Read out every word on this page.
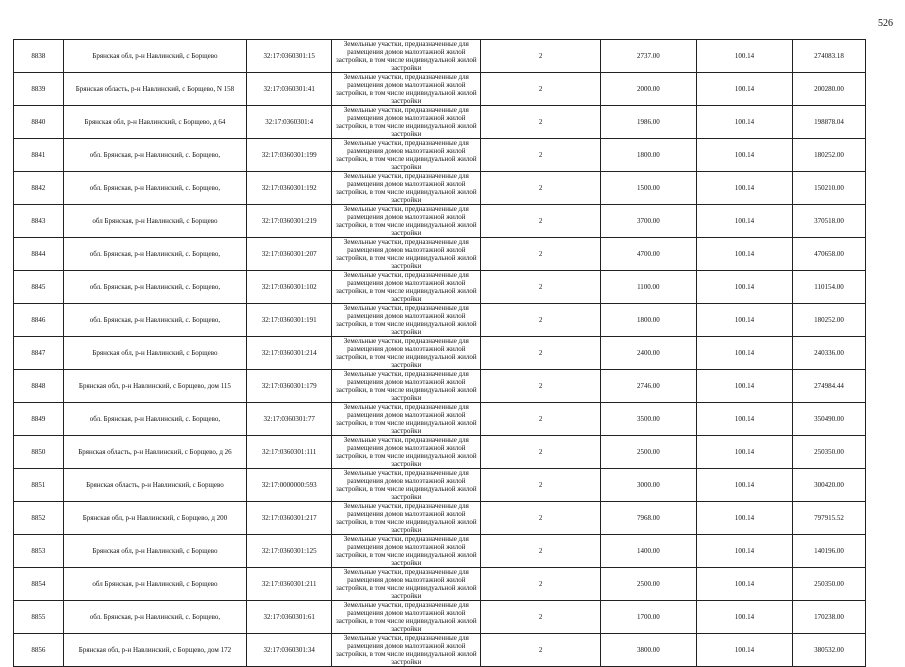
526
8838	Брянская обл, р-н Навлинский, с Борщево	32:17:0360301:15	Земельные участки, предназначенные для размещения домов малоэтажной жилой застройки, в том числе индивидуальной жилой застройки	2	2737.00	100.14	274083.18
8839	Брянская область, р-н Навлинский, с Борщево, N 158	32:17:0360301:41	Земельные участки, предназначенные для размещения домов малоэтажной жилой застройки, в том числе индивидуальной жилой застройки	2	2000.00	100.14	200280.00
8840	Брянская обл, р-н Навлинский, с Борщево, д 64	32:17:0360301:4	Земельные участки, предназначенные для размещения домов малоэтажной жилой застройки, в том числе индивидуальной жилой застройки	2	1986.00	100.14	198878.04
8841	обл. Брянская, р-н Навлинский, с. Борщево,	32:17:0360301:199	Земельные участки, предназначенные для размещения домов малоэтажной жилой застройки, в том числе индивидуальной жилой застройки	2	1800.00	100.14	180252.00
8842	обл. Брянская, р-н Навлинский, с. Борщево,	32:17:0360301:192	Земельные участки, предназначенные для размещения домов малоэтажной жилой застройки, в том числе индивидуальной жилой застройки	2	1500.00	100.14	150210.00
8843	обл Брянская, р-н Навлинский, с Борщево	32:17:0360301:219	Земельные участки, предназначенные для размещения домов малоэтажной жилой застройки, в том числе индивидуальной жилой застройки	2	3700.00	100.14	370518.00
8844	обл. Брянская, р-н Навлинский, с. Борщево,	32:17:0360301:207	Земельные участки, предназначенные для размещения домов малоэтажной жилой застройки, в том числе индивидуальной жилой застройки	2	4700.00	100.14	470658.00
8845	обл. Брянская, р-н Навлинский, с. Борщево,	32:17:0360301:102	Земельные участки, предназначенные для размещения домов малоэтажной жилой застройки, в том числе индивидуальной жилой застройки	2	1100.00	100.14	110154.00
8846	обл. Брянская, р-н Навлинский, с. Борщево,	32:17:0360301:191	Земельные участки, предназначенные для размещения домов малоэтажной жилой застройки, в том числе индивидуальной жилой застройки	2	1800.00	100.14	180252.00
8847	Брянская обл, р-н Навлинский, с Борщево	32:17:0360301:214	Земельные участки, предназначенные для размещения домов малоэтажной жилой застройки, в том числе индивидуальной жилой застройки	2	2400.00	100.14	240336.00
8848	Брянская обл, р-н Навлинский, с Борщево, дом 115	32:17:0360301:179	Земельные участки, предназначенные для размещения домов малоэтажной жилой застройки, в том числе индивидуальной жилой застройки	2	2746.00	100.14	274984.44
8849	обл. Брянская, р-н Навлинский, с. Борщево,	32:17:0360301:77	Земельные участки, предназначенные для размещения домов малоэтажной жилой застройки, в том числе индивидуальной жилой застройки	2	3500.00	100.14	350490.00
8850	Брянская область, р-н Навлинский, с Борщево, д 26	32:17:0360301:111	Земельные участки, предназначенные для размещения домов малоэтажной жилой застройки, в том числе индивидуальной жилой застройки	2	2500.00	100.14	250350.00
8851	Брянская область, р-н Навлинский, с Борщево	32:17:0000000:593	Земельные участки, предназначенные для размещения домов малоэтажной жилой застройки, в том числе индивидуальной жилой застройки	2	3000.00	100.14	300420.00
8852	Брянская обл, р-н Навлинский, с Борщево, д 200	32:17:0360301:217	Земельные участки, предназначенные для размещения домов малоэтажной жилой застройки, в том числе индивидуальной жилой застройки	2	7968.00	100.14	797915.52
8853	Брянская обл, р-н Навлинский, с Борщево	32:17:0360301:125	Земельные участки, предназначенные для размещения домов малоэтажной жилой застройки, в том числе индивидуальной жилой застройки	2	1400.00	100.14	140196.00
8854	обл Брянская, р-н Навлинский, с Борщево	32:17:0360301:211	Земельные участки, предназначенные для размещения домов малоэтажной жилой застройки, в том числе индивидуальной жилой застройки	2	2500.00	100.14	250350.00
8855	обл. Брянская, р-н Навлинский, с. Борщево,	32:17:0360301:61	Земельные участки, предназначенные для размещения домов малоэтажной жилой застройки, в том числе индивидуальной жилой застройки	2	1700.00	100.14	170238.00
8856	Брянская обл, р-н Навлинский, с Борщево, дом 172	32:17:0360301:34	Земельные участки, предназначенные для размещения домов малоэтажной жилой застройки, в том числе индивидуальной жилой застройки	2	3800.00	100.14	380532.00
